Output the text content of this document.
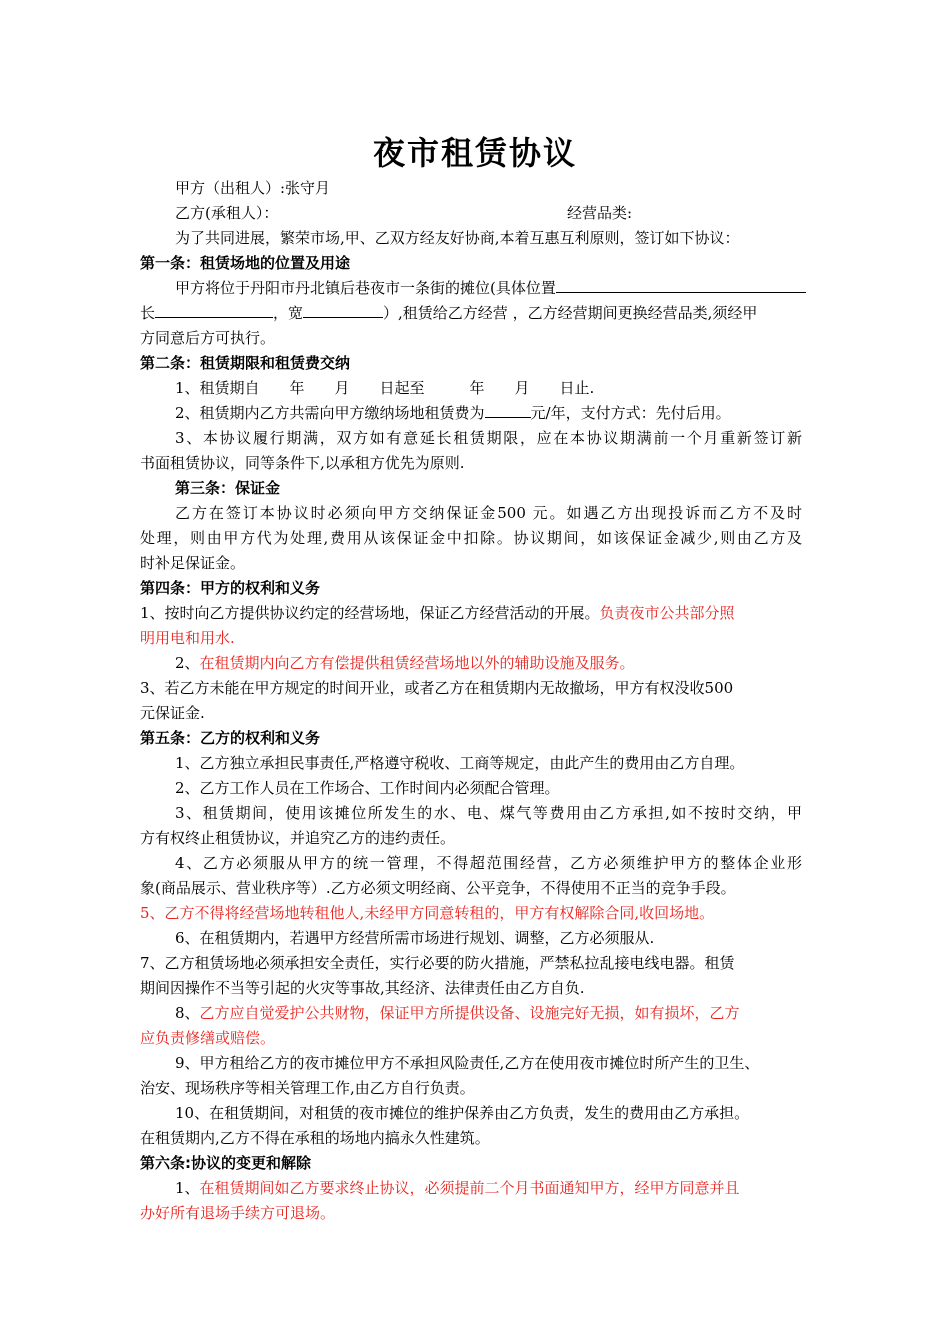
夜市租赁协议
甲方（出租人）:张守月
乙方(承租人）：	经营品类:
为了共同进展，繁荣市场,甲、乙双方经友好协商,本着互惠互利原则，签订如下协议：
第一条：租赁场地的位置及用途
甲方将位于丹阳市丹北镇后巷夜市一条街的摊位(具体位置
长	，宽	）,租赁给乙方经营 ，乙方经营期间更换经营品类,须经甲
方同意后方可执行。
第二条：租赁期限和租赁费交纳
1、租赁期自　　年　　月　　日起至　　　年　　月　　日止.
2、租赁期内乙方共需向甲方缴纳场地租赁费为	元/年，支付方式：先付后用。
3、本协议履行期满，双方如有意延长租赁期限，应在本协议期满前一个月重新签订新
书面租赁协议，同等条件下,以承租方优先为原则.
第三条：保证金
乙方在签订本协议时必须向甲方交纳保证金500 元。如遇乙方出现投诉而乙方不及时
处理，则由甲方代为处理,费用从该保证金中扣除。协议期间，如该保证金减少,则由乙方及
时补足保证金。
第四条：甲方的权利和义务
1、按时向乙方提供协议约定的经营场地，保证乙方经营活动的开展。负责夜市公共部分照
明用电和用水.
2、在租赁期内向乙方有偿提供租赁经营场地以外的辅助设施及服务。
3、若乙方未能在甲方规定的时间开业，或者乙方在租赁期内无故撤场，甲方有权没收500
元保证金.
第五条：乙方的权利和义务
1、乙方独立承担民事责任,严格遵守税收、工商等规定，由此产生的费用由乙方自理。
2、乙方工作人员在工作场合、工作时间内必须配合管理。
3、租赁期间，使用该摊位所发生的水、电、煤气等费用由乙方承担,如不按时交纳，甲
方有权终止租赁协议，并追究乙方的违约责任。
4、乙方必须服从甲方的统一管理，不得超范围经营，乙方必须维护甲方的整体企业形
象(商品展示、营业秩序等）.乙方必须文明经商、公平竞争，不得使用不正当的竞争手段。
5、乙方不得将经营场地转租他人,未经甲方同意转租的，甲方有权解除合同,收回场地。
6、在租赁期内，若遇甲方经营所需市场进行规划、调整，乙方必须服从.
7、乙方租赁场地必须承担安全责任，实行必要的防火措施，严禁私拉乱接电线电器。租赁
期间因操作不当等引起的火灾等事故,其经济、法律责任由乙方自负.
8、乙方应自觉爱护公共财物，保证甲方所提供设备、设施完好无损，如有损坏，乙方
应负责修缮或赔偿。
9、甲方租给乙方的夜市摊位甲方不承担风险责任,乙方在使用夜市摊位时所产生的卫生、
治安、现场秩序等相关管理工作,由乙方自行负责。
10、在租赁期间，对租赁的夜市摊位的维护保养由乙方负责，发生的费用由乙方承担。
在租赁期内,乙方不得在承租的场地内搞永久性建筑。
第六条:协议的变更和解除
1、在租赁期间如乙方要求终止协议，必须提前二个月书面通知甲方，经甲方同意并且
办好所有退场手续方可退场。
